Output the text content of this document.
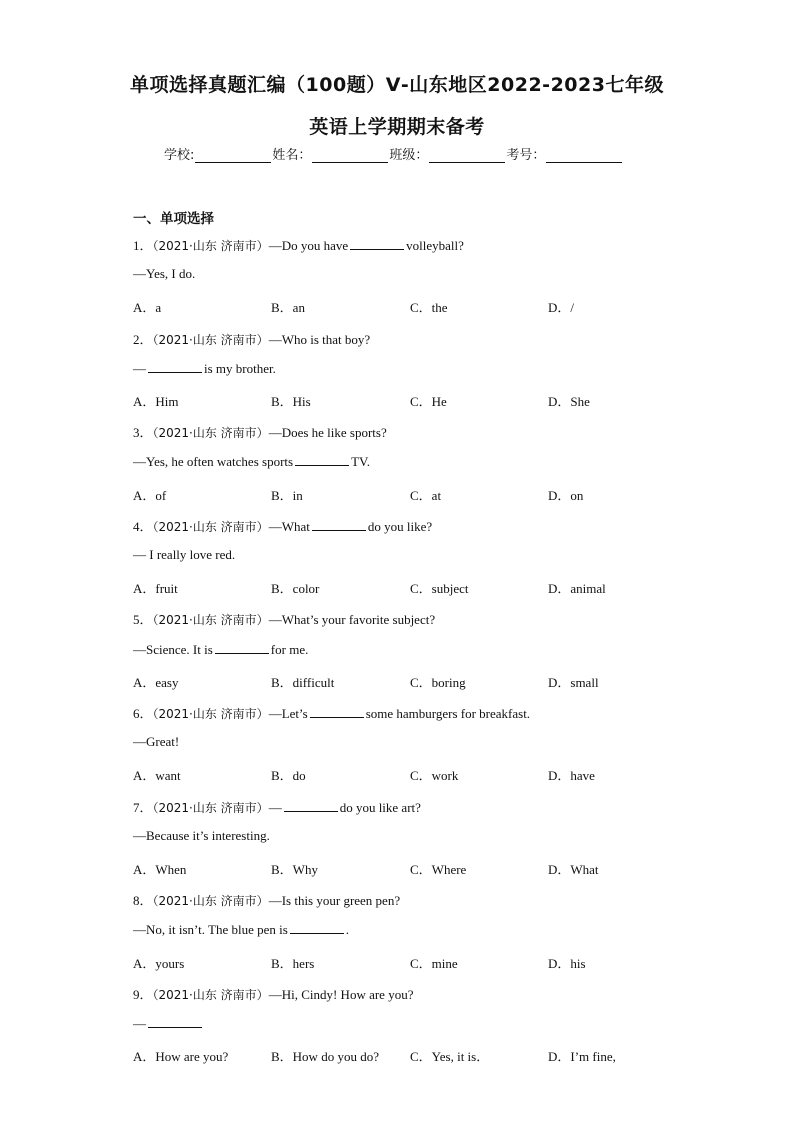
单项选择真题汇编（100题）Ⅴ-山东地区2022-2023七年级
英语上学期期末备考
学校:	姓名：	班级：	考号：
一、单项选择
1．（2021·山东 济南市）—Do you have	volleyball?
—Yes, I do.
A．a	B．an	C．the	D．/
2．（2021·山东 济南市）—Who is that boy?
—	is my brother.
A．Him	B．His	C．He	D．She
3．（2021·山东 济南市）—Does he like sports?
—Yes, he often watches sports	TV.
A．of	B．in	C．at	D．on
4．（2021·山东 济南市）—What	do you like?
— I really love red.
A．fruit	B．color	C．subject	D．animal
5．（2021·山东 济南市）—What’s your favorite subject?
—Science. It is	for me.
A．easy	B．difficult	C．boring	D．small
6．（2021·山东 济南市）—Let’s	some hamburgers for breakfast.
—Great!
A．want	B．do	C．work	D．have
7．（2021·山东 济南市）—	do you like art?
—Because it’s interesting.
A．When	B．Why	C．Where	D．What
8．（2021·山东 济南市）—Is this your green pen?
—No, it isn’t. The blue pen is	.
A．yours	B．hers	C．mine	D．his
9．（2021·山东 济南市）—Hi, Cindy! How are you?
—
A．How are you?	B．How do you do? C．Yes, it is．	D．I’m fine,
